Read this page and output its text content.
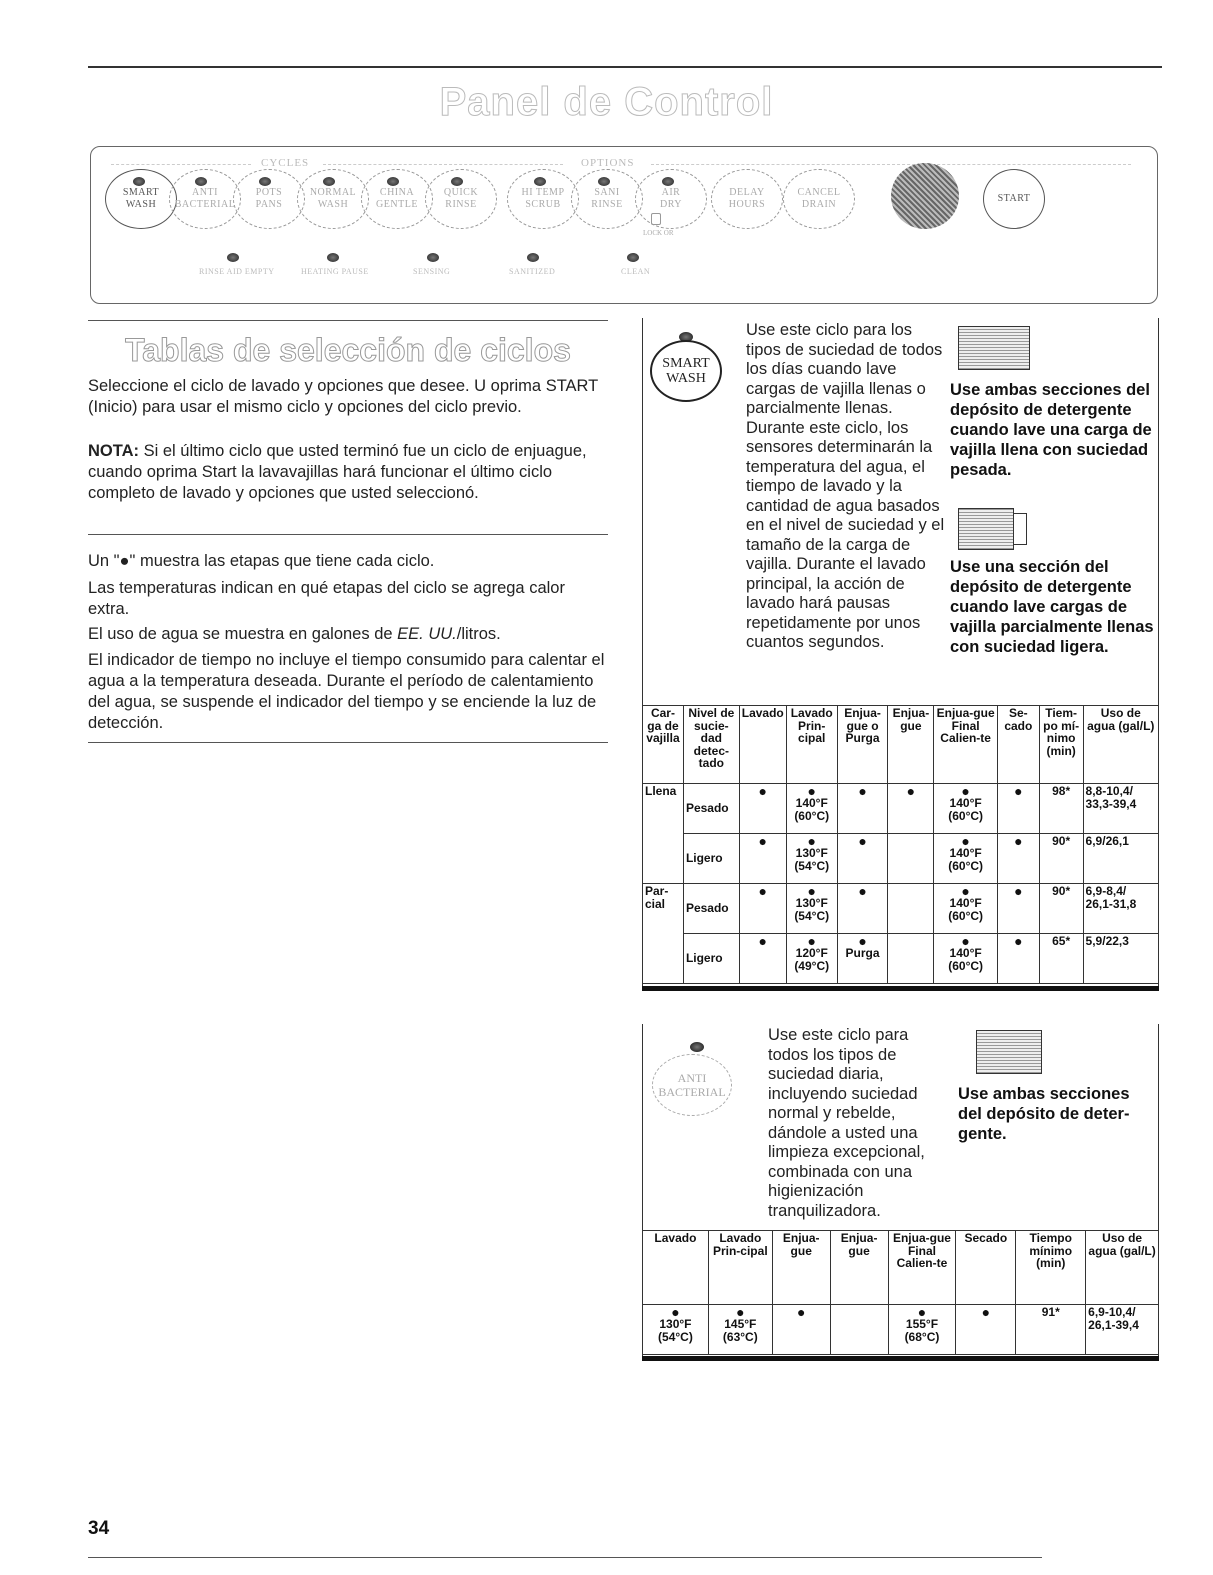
Panel de Control
CYCLES	OPTIONS
SMART
WASH
ANTI
BACTERIAL
POTS
PANS
NORMAL
WASH
CHINA
GENTLE
QUICK
RINSE
HI TEMP
SCRUB
SANI
RINSE
AIR
DRY
LOCK OR
DELAY
HOURS
CANCEL
DRAIN
START
RINSE AID EMPTY	HEATING PAUSE	SENSING	SANITIZED	CLEAN
Tablas de selección de ciclos

Seleccione el ciclo de lavado y opciones que desee. U oprima START (Inicio) para usar el mismo ciclo y opciones del ciclo previo.

NOTA: Si el último ciclo que usted terminó fue un ciclo de enjuague, cuando oprima Start la lavavajillas hará funcionar el último ciclo completo de lavado y opciones que usted seleccionó.

Un "●" muestra las etapas que tiene cada ciclo.

Las temperaturas indican en qué etapas del ciclo se agrega calor extra.

El uso de agua se muestra en galones de EE. UU./litros.

El indicador de tiempo no incluye el tiempo consumido para calentar el agua a la temperatura deseada. Durante el período de calentamiento del agua, se suspende el indicador del tiempo y se enciende la luz de detección.

SMART
WASH

Use este ciclo para los tipos de suciedad de todos los días cuando lave cargas de vajilla llenas o parcialmente llenas. Durante este ciclo, los sensores determinarán la temperatura del agua, el tiempo de lavado y la cantidad de agua basados en el nivel de suciedad y el tamaño de la carga de vajilla. Durante el lavado principal, la acción de lavado hará pausas repetidamente por unos cuantos segundos.

Use ambas secciones del depósito de detergente cuando lave una carga de vajilla llena con suciedad pesada.

Use una sección del depósito de detergente cuando lave cargas de vajilla parcialmente llenas con suciedad ligera.

Car-ga de vajilla	Nivel de sucie-dad detec-tado	Lavado	Lavado Prin-cipal	Enjua-gue o Purga	Enjua-gue	Enjua-gue Final Calien-te	Se-cado	Tiem-po mí-nimo (min)	Uso de agua (gal/L)
Llena	Pesado	●	●
140°F
(60°C)	●	●	●
140°F
(60°C)	●	98*	8,8-10,4/
33,3-39,4
	Ligero	●	●
130°F
(54°C)	●		●
140°F
(60°C)	●	90*	6,9/26,1
Par-cial	Pesado	●	●
130°F
(54°C)	●		●
140°F
(60°C)	●	90*	6,9-8,4/
26,1-31,8
	Ligero	●	●
120°F
(49°C)	●
Purga		●
140°F
(60°C)	●	65*	5,9/22,3
ANTI
BACTERIAL

Use este ciclo para todos los tipos de suciedad diaria, incluyendo suciedad normal y rebelde, dándole a usted una limpieza excepcional, combinada con una higienización tranquilizadora.

Use ambas secciones del depósito de deter-gente.

Lavado	Lavado Prin-cipal	Enjua-gue	Enjua-gue	Enjua-gue Final Calien-te	Secado	Tiempo mínimo (min)	Uso de agua (gal/L)

●
130°F
(54°C)	●
145°F
(63°C)	●		●
155°F
(68°C)	●	91*	6,9-10,4/
26,1-39,4
34
